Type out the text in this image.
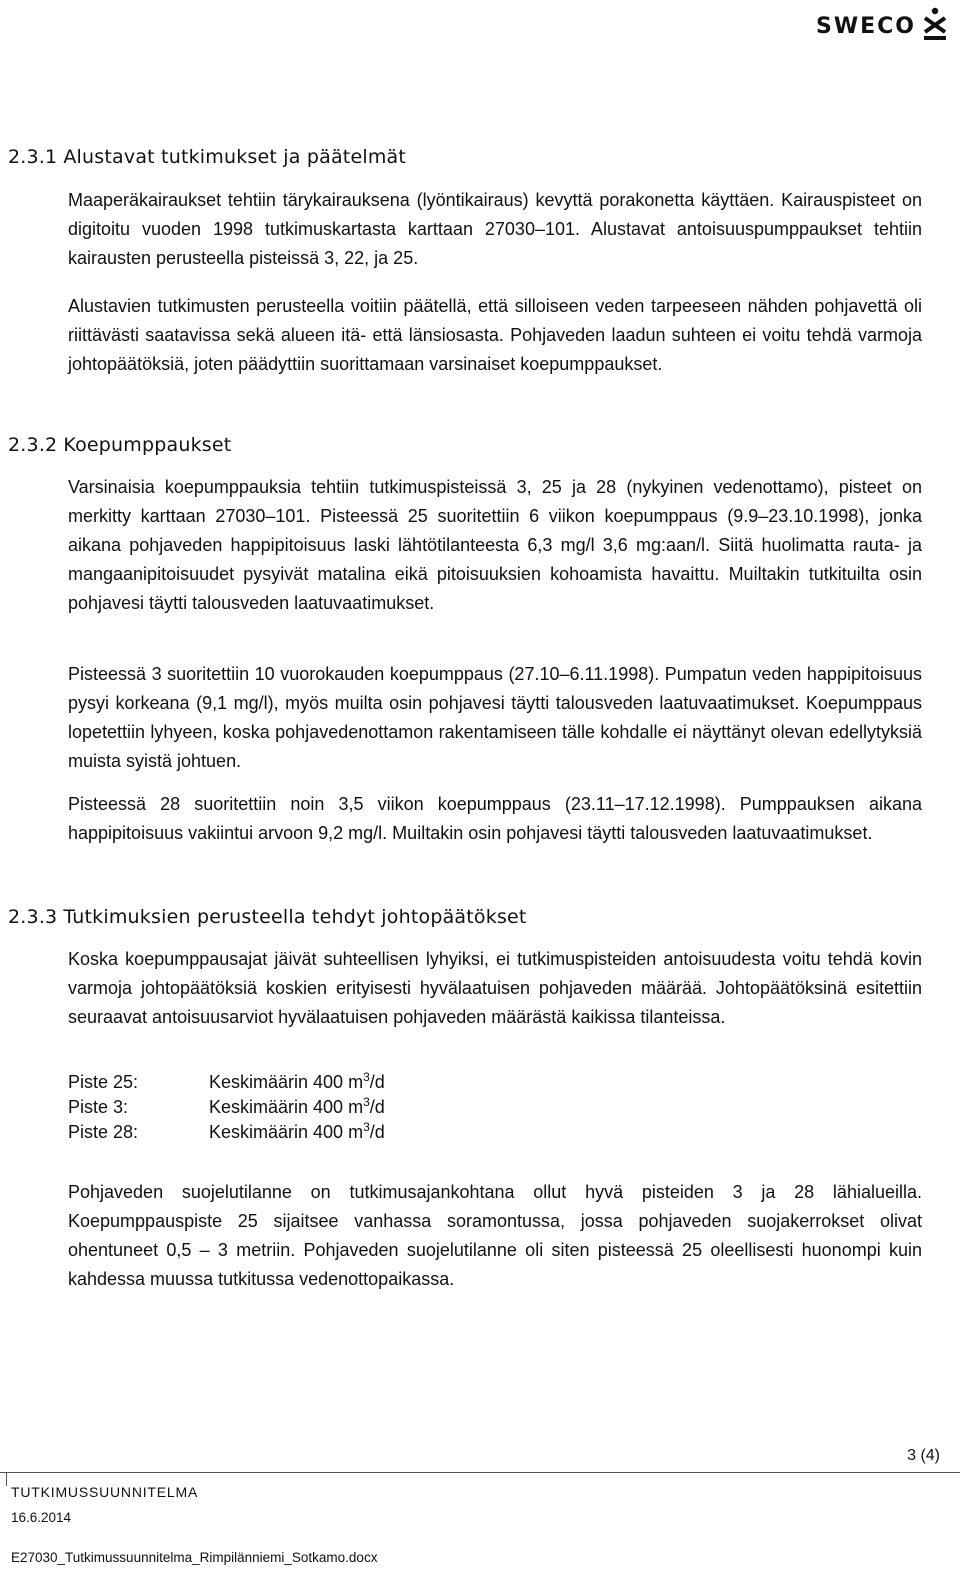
SWECO
2.3.1 Alustavat tutkimukset ja päätelmät

Maaperäkairaukset tehtiin tärykairauksena (lyöntikairaus) kevyttä porakonetta käyttäen. Kairauspisteet on digitoitu vuoden 1998 tutkimuskartasta karttaan 27030–101. Alustavat antoisuuspumppaukset tehtiin kairausten perusteella pisteissä 3, 22, ja 25.

Alustavien tutkimusten perusteella voitiin päätellä, että silloiseen veden tarpeeseen nähden pohjavettä oli riittävästi saatavissa sekä alueen itä- että länsiosasta. Pohjaveden laadun suhteen ei voitu tehdä varmoja johtopäätöksiä, joten päädyttiin suorittamaan varsinaiset koepumppaukset.

2.3.2 Koepumppaukset

Varsinaisia koepumppauksia tehtiin tutkimuspisteissä 3, 25 ja 28 (nykyinen vedenottamo), pisteet on merkitty karttaan 27030–101. Pisteessä 25 suoritettiin 6 viikon koepumppaus (9.9–23.10.1998), jonka aikana pohjaveden happipitoisuus laski lähtötilanteesta 6,3 mg/l 3,6 mg:aan/l. Siitä huolimatta rauta- ja mangaanipitoisuudet pysyivät matalina eikä pitoisuuksien kohoamista havaittu. Muiltakin tutkituilta osin pohjavesi täytti talousveden laatuvaatimukset.

Pisteessä 3 suoritettiin 10 vuorokauden koepumppaus (27.10–6.11.1998). Pumpatun veden happipitoisuus pysyi korkeana (9,1 mg/l), myös muilta osin pohjavesi täytti talousveden laatuvaatimukset. Koepumppaus lopetettiin lyhyeen, koska pohjavedenottamon rakentamiseen tälle kohdalle ei näyttänyt olevan edellytyksiä muista syistä johtuen.

Pisteessä 28 suoritettiin noin 3,5 viikon koepumppaus (23.11–17.12.1998). Pumppauksen aikana happipitoisuus vakiintui arvoon 9,2 mg/l. Muiltakin osin pohjavesi täytti talousveden laatuvaatimukset.

2.3.3 Tutkimuksien perusteella tehdyt johtopäätökset

Koska koepumppausajat jäivät suhteellisen lyhyiksi, ei tutkimuspisteiden antoisuudesta voitu tehdä kovin varmoja johtopäätöksiä koskien erityisesti hyvälaatuisen pohjaveden määrää. Johtopäätöksinä esitettiin seuraavat antoisuusarviot hyvälaatuisen pohjaveden määrästä kaikissa tilanteissa.

Piste 25:	Keskimäärin 400 $m^3/d$
Piste 3:	Keskimäärin 400 $m^3/d$
Piste 28:	Keskimäärin 400 $m^3/d$

Pohjaveden suojelutilanne on tutkimusajankohtana ollut hyvä pisteiden 3 ja 28 lähialueilla. Koepumppauspiste 25 sijaitsee vanhassa soramontussa, jossa pohjaveden suojakerrokset olivat ohentuneet 0,5 – 3 metriin. Pohjaveden suojelutilanne oli siten pisteessä 25 oleellisesti huonompi kuin kahdessa muussa tutkitussa vedenottopaikassa.

3 (4)
TUTKIMUSSUUNNITELMA
16.6.2014
E27030_Tutkimussuunnitelma_Rimpilänniemi_Sotkamo.docx
